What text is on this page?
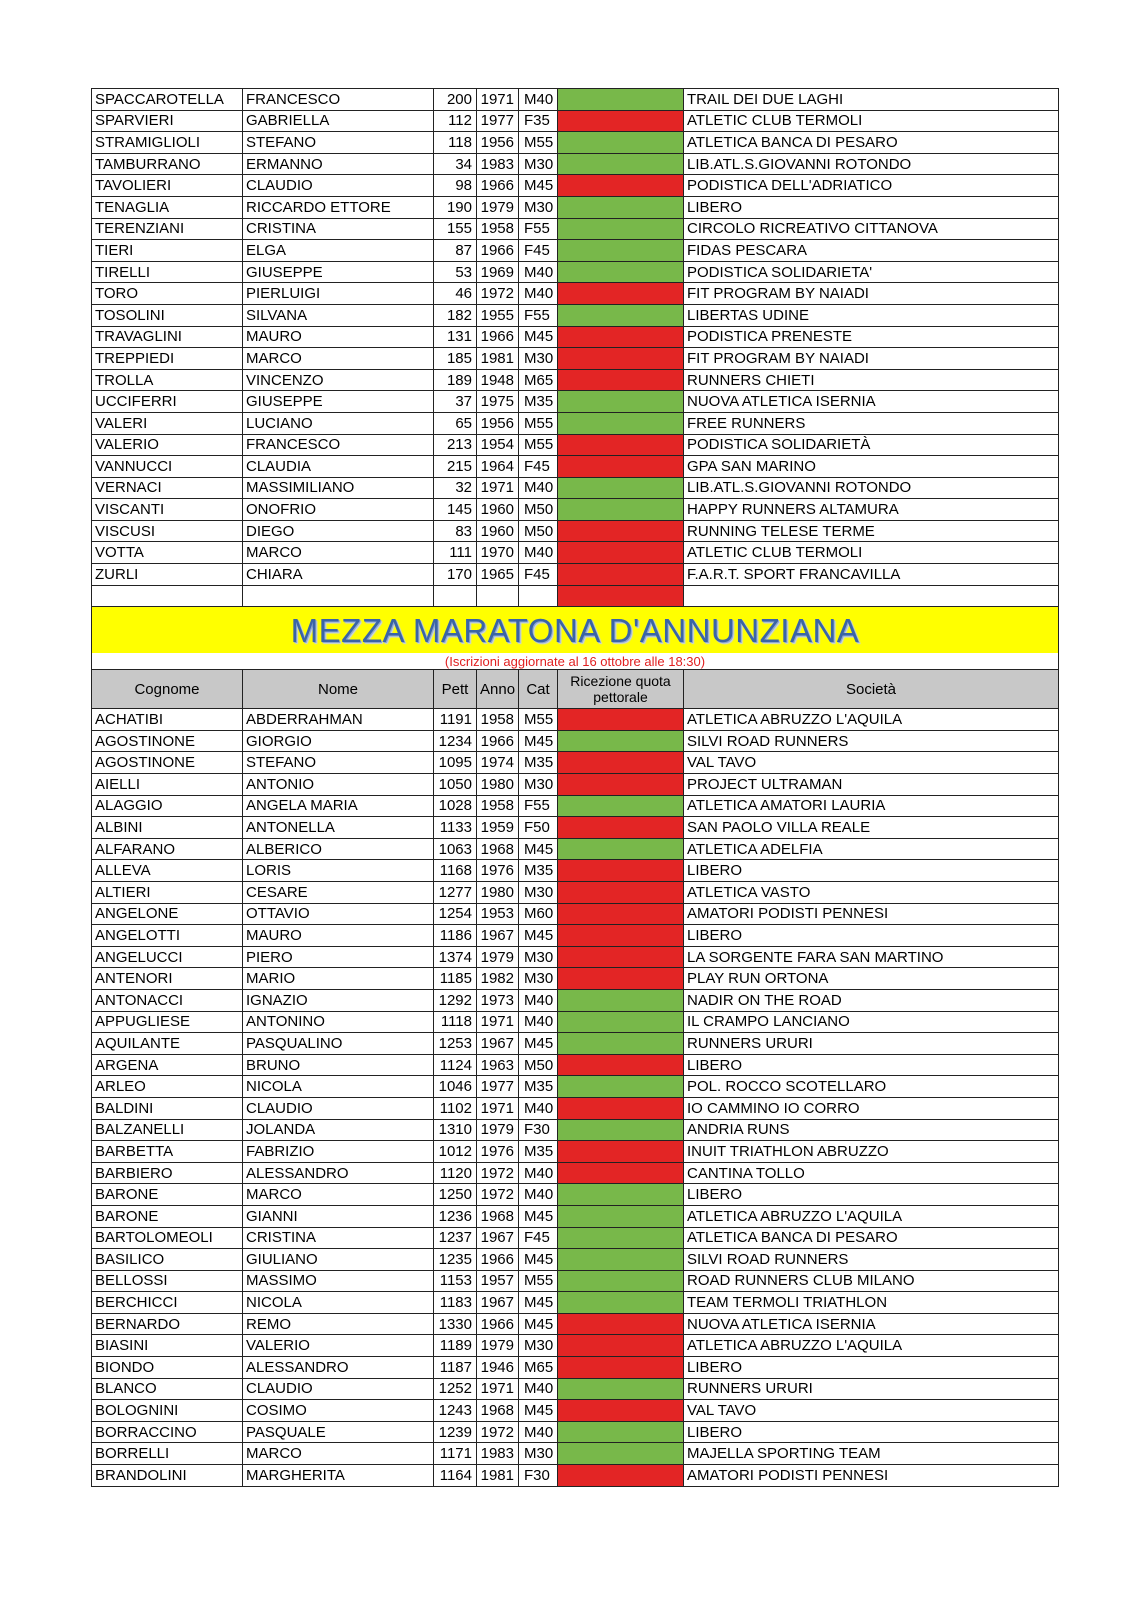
SPACCAROTELLA	FRANCESCO	200	1971	M40		TRAIL DEI DUE LAGHI
SPARVIERI	GABRIELLA	112	1977	F35		ATLETIC CLUB TERMOLI
STRAMIGLIOLI	STEFANO	118	1956	M55		ATLETICA BANCA DI PESARO
TAMBURRANO	ERMANNO	34	1983	M30		LIB.ATL.S.GIOVANNI ROTONDO
TAVOLIERI	CLAUDIO	98	1966	M45		PODISTICA DELL'ADRIATICO
TENAGLIA	RICCARDO ETTORE	190	1979	M30		LIBERO
TERENZIANI	CRISTINA	155	1958	F55		CIRCOLO RICREATIVO CITTANOVA
TIERI	ELGA	87	1966	F45		FIDAS PESCARA
TIRELLI	GIUSEPPE	53	1969	M40		PODISTICA SOLIDARIETA'
TORO	PIERLUIGI	46	1972	M40		FIT PROGRAM BY NAIADI
TOSOLINI	SILVANA	182	1955	F55		LIBERTAS UDINE
TRAVAGLINI	MAURO	131	1966	M45		PODISTICA PRENESTE
TREPPIEDI	MARCO	185	1981	M30		FIT PROGRAM BY NAIADI
TROLLA	VINCENZO	189	1948	M65		RUNNERS CHIETI
UCCIFERRI	GIUSEPPE	37	1975	M35		NUOVA ATLETICA ISERNIA
VALERI	LUCIANO	65	1956	M55		FREE RUNNERS
VALERIO	FRANCESCO	213	1954	M55		PODISTICA SOLIDARIETÀ
VANNUCCI	CLAUDIA	215	1964	F45		GPA SAN MARINO
VERNACI	MASSIMILIANO	32	1971	M40		LIB.ATL.S.GIOVANNI ROTONDO
VISCANTI	ONOFRIO	145	1960	M50		HAPPY RUNNERS ALTAMURA
VISCUSI	DIEGO	83	1960	M50		RUNNING TELESE TERME
VOTTA	MARCO	111	1970	M40		ATLETIC CLUB TERMOLI
ZURLI	CHIARA	170	1965	F45		F.A.R.T. SPORT FRANCAVILLA

MEZZA MARATONA D'ANNUNZIANA						
(Iscrizioni aggiornate al 16 ottobre alle 18:30)						
Cognome	Nome	Pett	Anno	Cat	Ricezione quota pettorale	Società
ACHATIBI	ABDERRAHMAN	1191	1958	M55		ATLETICA ABRUZZO L'AQUILA
AGOSTINONE	GIORGIO	1234	1966	M45		SILVI ROAD RUNNERS
AGOSTINONE	STEFANO	1095	1974	M35		VAL TAVO
AIELLI	ANTONIO	1050	1980	M30		PROJECT ULTRAMAN
ALAGGIO	ANGELA MARIA	1028	1958	F55		ATLETICA AMATORI LAURIA
ALBINI	ANTONELLA	1133	1959	F50		SAN PAOLO VILLA REALE
ALFARANO	ALBERICO	1063	1968	M45		ATLETICA ADELFIA
ALLEVA	LORIS	1168	1976	M35		LIBERO
ALTIERI	CESARE	1277	1980	M30		ATLETICA VASTO
ANGELONE	OTTAVIO	1254	1953	M60		AMATORI PODISTI PENNESI
ANGELOTTI	MAURO	1186	1967	M45		LIBERO
ANGELUCCI	PIERO	1374	1979	M30		LA SORGENTE FARA SAN MARTINO
ANTENORI	MARIO	1185	1982	M30		PLAY RUN ORTONA
ANTONACCI	IGNAZIO	1292	1973	M40		NADIR ON THE ROAD
APPUGLIESE	ANTONINO	1118	1971	M40		IL CRAMPO LANCIANO
AQUILANTE	PASQUALINO	1253	1967	M45		RUNNERS URURI
ARGENA	BRUNO	1124	1963	M50		LIBERO
ARLEO	NICOLA	1046	1977	M35		POL. ROCCO SCOTELLARO
BALDINI	CLAUDIO	1102	1971	M40		IO CAMMINO IO CORRO
BALZANELLI	JOLANDA	1310	1979	F30		ANDRIA RUNS
BARBETTA	FABRIZIO	1012	1976	M35		INUIT TRIATHLON ABRUZZO
BARBIERO	ALESSANDRO	1120	1972	M40		CANTINA TOLLO
BARONE	MARCO	1250	1972	M40		LIBERO
BARONE	GIANNI	1236	1968	M45		ATLETICA ABRUZZO L'AQUILA
BARTOLOMEOLI	CRISTINA	1237	1967	F45		ATLETICA BANCA DI PESARO
BASILICO	GIULIANO	1235	1966	M45		SILVI ROAD RUNNERS
BELLOSSI	MASSIMO	1153	1957	M55		ROAD RUNNERS CLUB MILANO
BERCHICCI	NICOLA	1183	1967	M45		TEAM TERMOLI TRIATHLON
BERNARDO	REMO	1330	1966	M45		NUOVA ATLETICA ISERNIA
BIASINI	VALERIO	1189	1979	M30		ATLETICA ABRUZZO L'AQUILA
BIONDO	ALESSANDRO	1187	1946	M65		LIBERO
BLANCO	CLAUDIO	1252	1971	M40		RUNNERS URURI
BOLOGNINI	COSIMO	1243	1968	M45		VAL TAVO
BORRACCINO	PASQUALE	1239	1972	M40		LIBERO
BORRELLI	MARCO	1171	1983	M30		MAJELLA SPORTING TEAM
BRANDOLINI	MARGHERITA	1164	1981	F30		AMATORI PODISTI PENNESI
